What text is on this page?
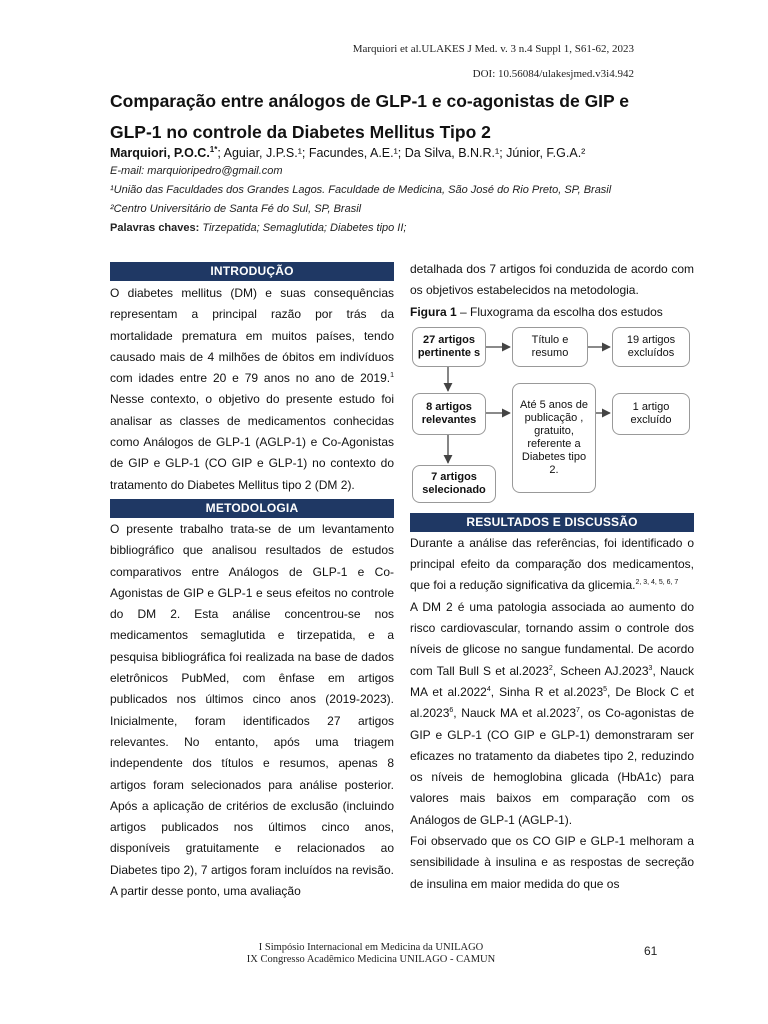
Marquiori et al.ULAKES J Med. v. 3 n.4 Suppl 1, S61-62, 2023
DOI: 10.56084/ulakesjmed.v3i4.942
Comparação entre análogos de GLP-1 e co-agonistas de GIP e GLP-1 no controle da Diabetes Mellitus Tipo 2
Marquiori, P.O.C.$^{1*}$; Aguiar, J.P.S.¹; Facundes, A.E.¹; Da Silva, B.N.R.¹; Júnior, F.G.A.²
E-mail: marquioripedro@gmail.com
¹União das Faculdades dos Grandes Lagos. Faculdade de Medicina, São José do Rio Preto, SP, Brasil
²Centro Universitário de Santa Fé do Sul, SP, Brasil
Palavras chaves: Tirzepatida; Semaglutida; Diabetes tipo II;
INTRODUÇÃO

O diabetes mellitus (DM) e suas consequências representam a principal razão por trás da mortalidade prematura em muitos países, tendo causado mais de 4 milhões de óbitos em indivíduos com idades entre 20 e 79 anos no ano de 2019.$^1$ Nesse contexto, o objetivo do presente estudo foi analisar as classes de medicamentos conhecidas como Análogos de GLP-1 (AGLP-1) e Co-Agonistas de GIP e GLP-1 (CO GIP e GLP-1) no contexto do tratamento do Diabetes Mellitus tipo 2 (DM 2).

METODOLOGIA

O presente trabalho trata-se de um levantamento bibliográfico que analisou resultados de estudos comparativos entre Análogos de GLP-1 e Co-Agonistas de GIP e GLP-1 e seus efeitos no controle do DM 2. Esta análise concentrou-se nos medicamentos semaglutida e tirzepatida, e a pesquisa bibliográfica foi realizada na base de dados eletrônicos PubMed, com ênfase em artigos publicados nos últimos cinco anos (2019-2023). Inicialmente, foram identificados 27 artigos relevantes. No entanto, após uma triagem independente dos títulos e resumos, apenas 8 artigos foram selecionados para análise posterior. Após a aplicação de critérios de exclusão (incluindo artigos publicados nos últimos cinco anos, disponíveis gratuitamente e relacionados ao Diabetes tipo 2), 7 artigos foram incluídos na revisão. A partir desse ponto, uma avaliação

detalhada dos 7 artigos foi conduzida de acordo com os objetivos estabelecidos na metodologia.

Figura 1 – Fluxograma da escolha dos estudos

27 artigos pertinente s
Título e resumo
19 artigos excluídos
8 artigos relevantes
Até 5 anos de publicação , gratuito, referente a Diabetes tipo 2.
1 artigo excluído
7 artigos selecionado
RESULTADOS E DISCUSSÃO

Durante a análise das referências, foi identificado o principal efeito da comparação dos medicamentos, que foi a redução significativa da glicemia.$^{2, 3, 4, 5, 6, 7}$

A DM 2 é uma patologia associada ao aumento do risco cardiovascular, tornando assim o controle dos níveis de glicose no sangue fundamental. De acordo com Tall Bull S et al.2023$^2$, Scheen AJ.2023$^3$, Nauck MA et al.2022$^4$, Sinha R et al.2023$^5$, De Block C et al.2023$^6$, Nauck MA et al.2023$^7$, os Co-agonistas de GIP e GLP-1 (CO GIP e GLP-1) demonstraram ser eficazes no tratamento da diabetes tipo 2, reduzindo os níveis de hemoglobina glicada (HbA1c) para valores mais baixos em comparação com os Análogos de GLP-1 (AGLP-1).

Foi observado que os CO GIP e GLP-1 melhoram a sensibilidade à insulina e as respostas de secreção de insulina em maior medida do que os

I Simpósio Internacional em Medicina da UNILAGO
IX Congresso Acadêmico Medicina UNILAGO - CAMUN
61
